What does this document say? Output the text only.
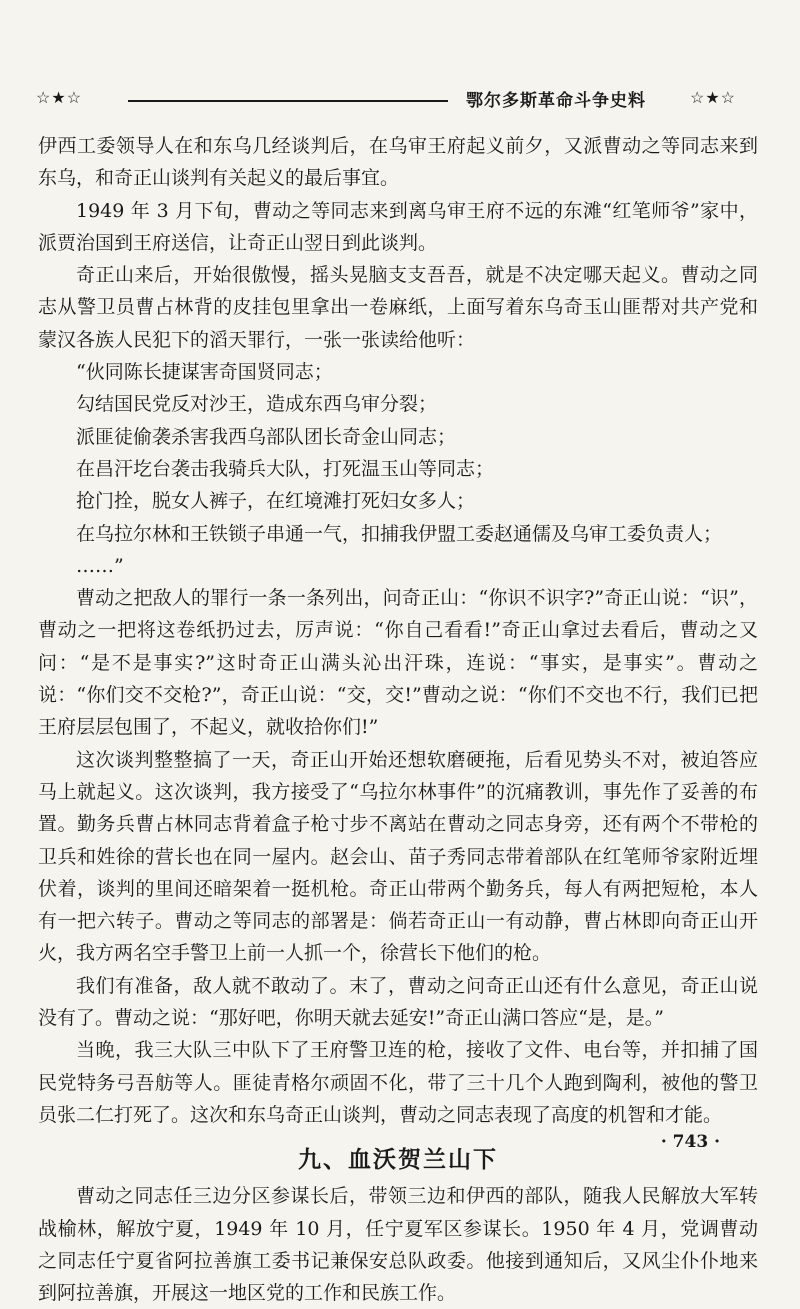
☆★☆	鄂尔多斯革命斗争史料	☆★☆

伊西工委领导人在和东乌几经谈判后，在乌审王府起义前夕，又派曹动之等同志来到东乌，和奇正山谈判有关起义的最后事宜。

1949 年 3 月下旬，曹动之等同志来到离乌审王府不远的东滩“红笔师爷”家中，派贾治国到王府送信，让奇正山翌日到此谈判。

奇正山来后，开始很傲慢，摇头晃脑支支吾吾，就是不决定哪天起义。曹动之同志从警卫员曹占林背的皮挂包里拿出一卷麻纸，上面写着东乌奇玉山匪帮对共产党和蒙汉各族人民犯下的滔天罪行，一张一张读给他听：

“伙同陈长捷谋害奇国贤同志；

勾结国民党反对沙王，造成东西乌审分裂；

派匪徒偷袭杀害我西乌部队团长奇金山同志；

在昌汗圪台袭击我骑兵大队，打死温玉山等同志；

抢门拴，脱女人裤子，在红境滩打死妇女多人；

在乌拉尔林和王铁锁子串通一气，扣捕我伊盟工委赵通儒及乌审工委负责人；

……”

曹动之把敌人的罪行一条一条列出，问奇正山：“你识不识字?”奇正山说：“识”，曹动之一把将这卷纸扔过去，厉声说：“你自己看看!”奇正山拿过去看后，曹动之又问：“是不是事实?”这时奇正山满头沁出汗珠，连说：“事实，是事实”。曹动之说：“你们交不交枪?”，奇正山说：“交，交!”曹动之说：“你们不交也不行，我们已把王府层层包围了，不起义，就收拾你们!”

这次谈判整整搞了一天，奇正山开始还想软磨硬拖，后看见势头不对，被迫答应马上就起义。这次谈判，我方接受了“乌拉尔林事件”的沉痛教训，事先作了妥善的布置。勤务兵曹占林同志背着盒子枪寸步不离站在曹动之同志身旁，还有两个不带枪的卫兵和姓徐的营长也在同一屋内。赵会山、苗子秀同志带着部队在红笔师爷家附近埋伏着，谈判的里间还暗架着一挺机枪。奇正山带两个勤务兵，每人有两把短枪，本人有一把六转子。曹动之等同志的部署是：倘若奇正山一有动静，曹占林即向奇正山开火，我方两名空手警卫上前一人抓一个，徐营长下他们的枪。

我们有准备，敌人就不敢动了。末了，曹动之问奇正山还有什么意见，奇正山说没有了。曹动之说：“那好吧，你明天就去延安!”奇正山满口答应“是，是。”

当晚，我三大队三中队下了王府警卫连的枪，接收了文件、电台等，并扣捕了国民党特务弓吾舫等人。匪徒青格尔顽固不化，带了三十几个人跑到陶利，被他的警卫员张二仁打死了。这次和东乌奇正山谈判，曹动之同志表现了高度的机智和才能。

九、血沃贺兰山下

曹动之同志任三边分区参谋长后，带领三边和伊西的部队，随我人民解放大军转战榆林，解放宁夏，1949 年 10 月，任宁夏军区参谋长。1950 年 4 月，党调曹动之同志任宁夏省阿拉善旗工委书记兼保安总队政委。他接到通知后，又风尘仆仆地来到阿拉善旗，开展这一地区党的工作和民族工作。

· 743 ·
